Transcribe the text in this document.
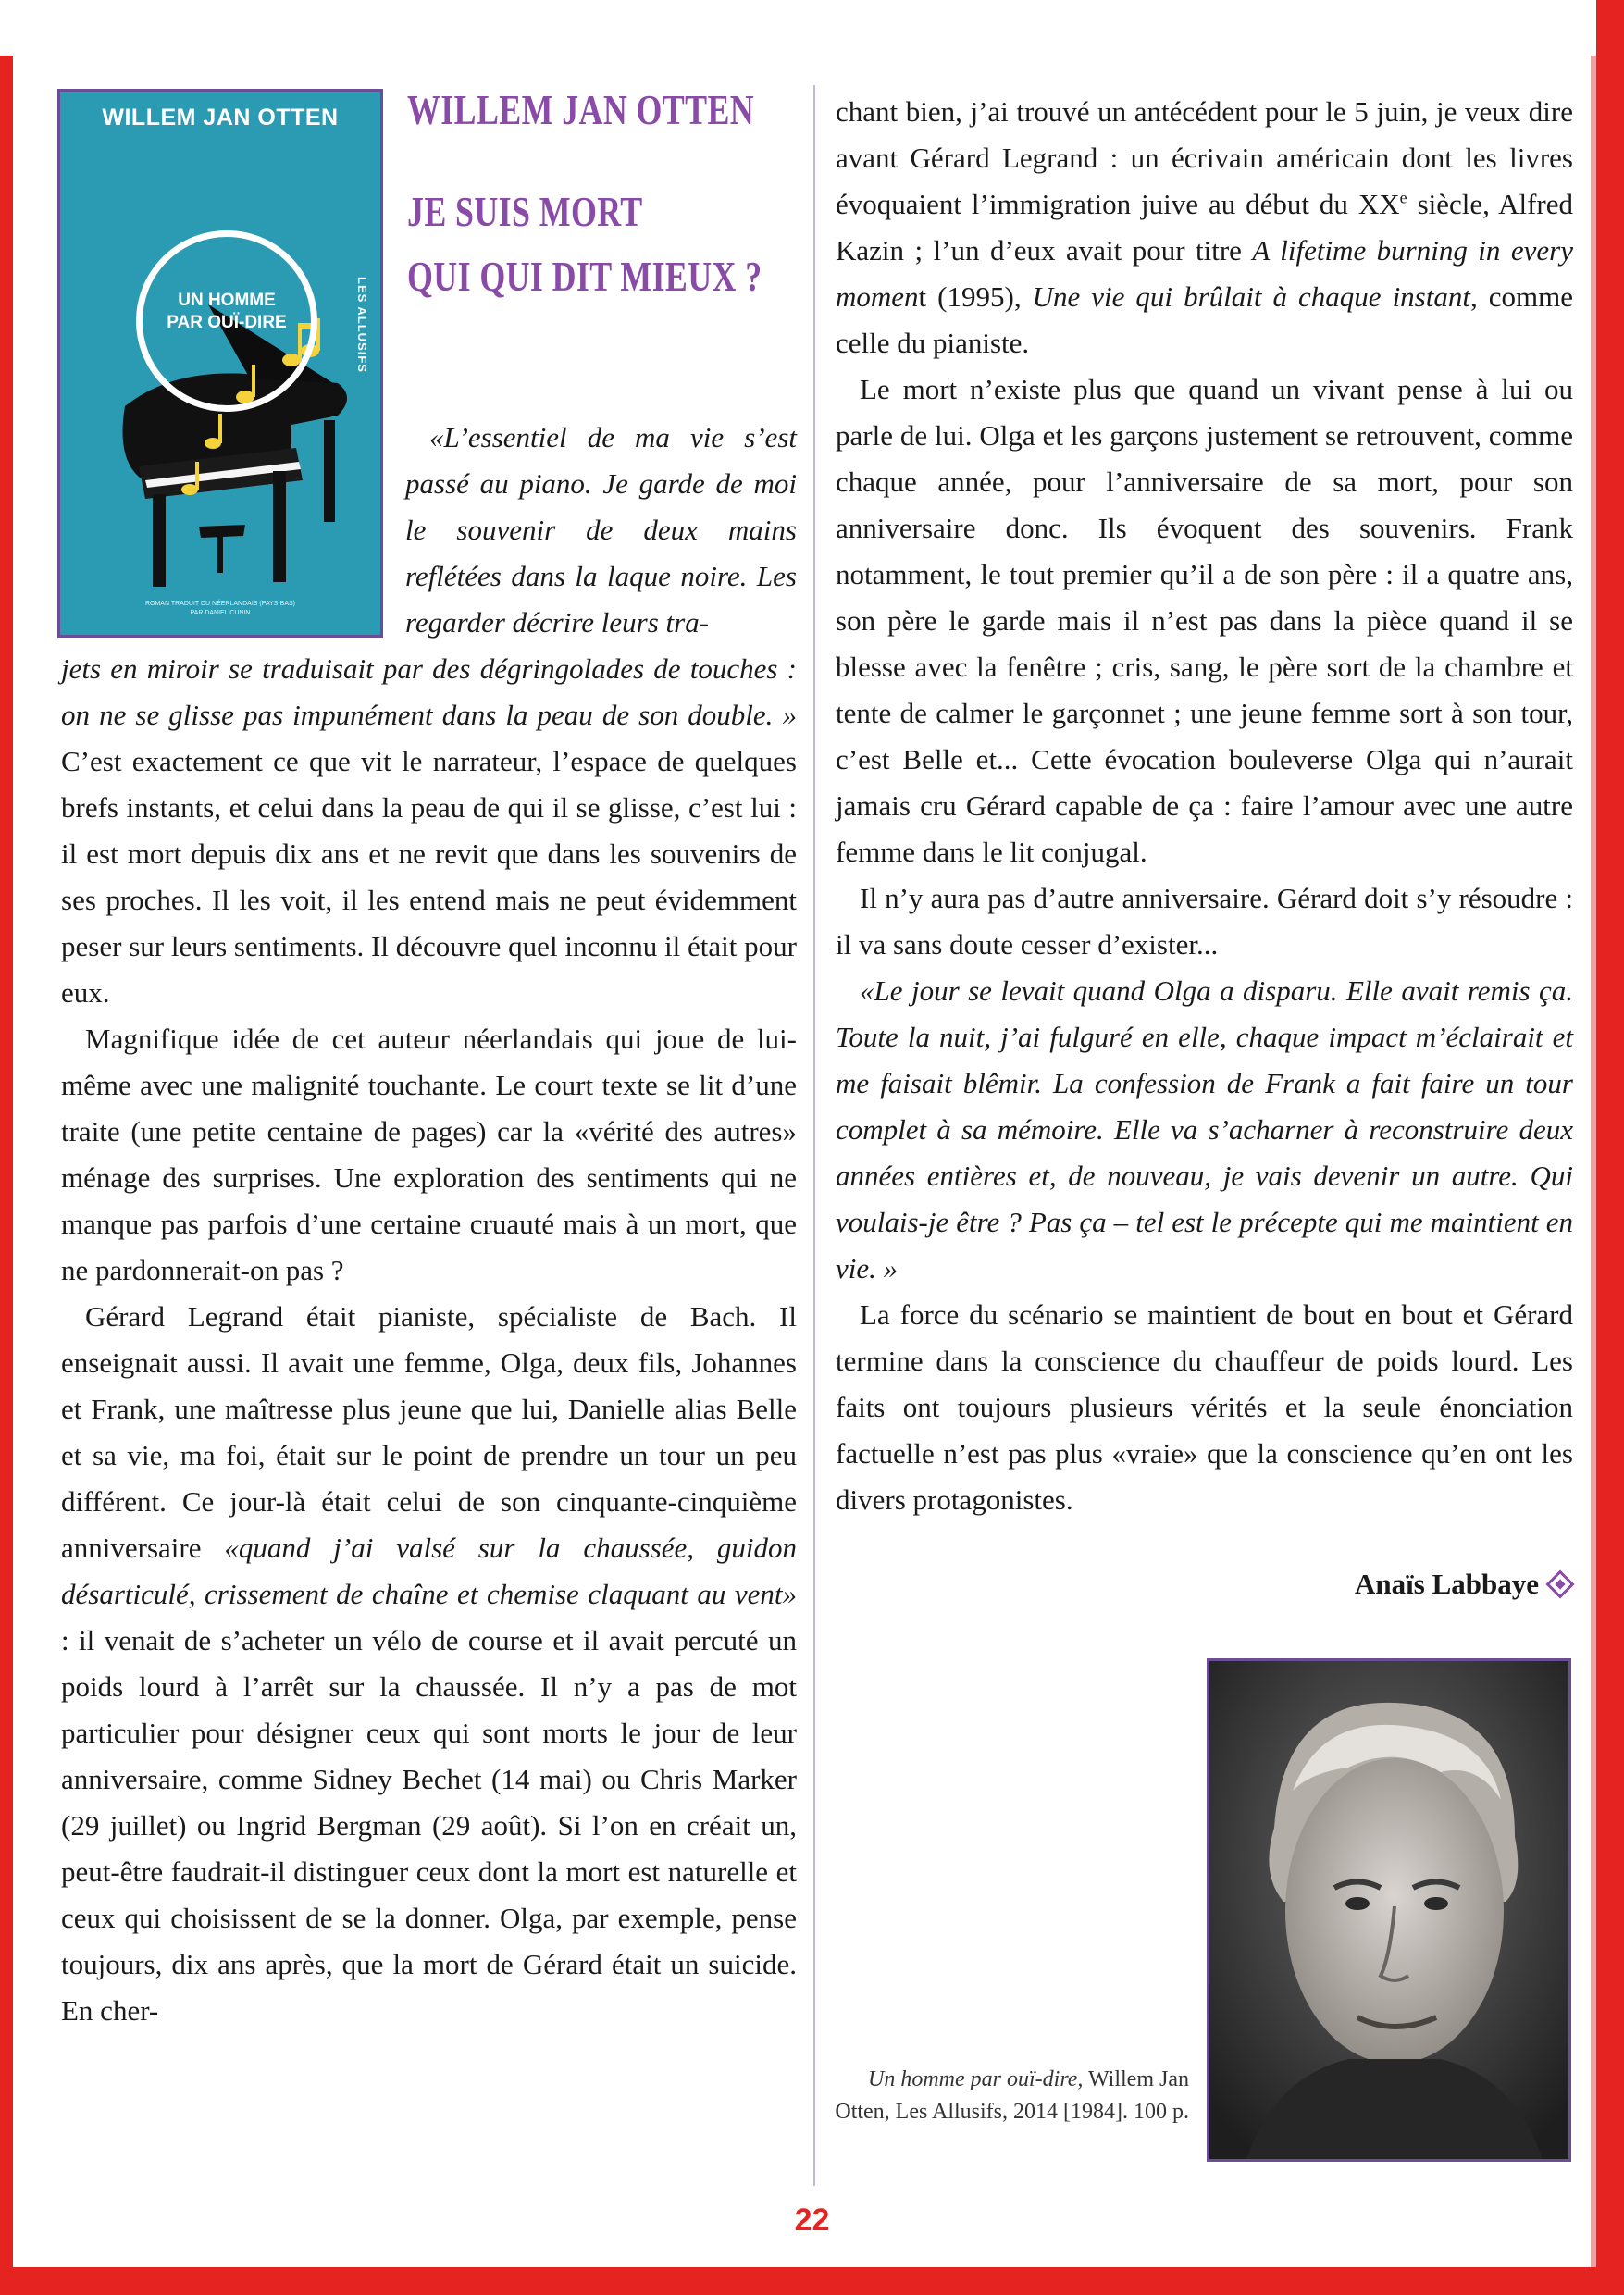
WILLEM JAN OTTEN
UN HOMME
PAR OUÏ-DIRE	LES ALLUSIFS
ROMAN TRADUIT DU NÉERLANDAIS (PAYS-BAS)
PAR DANIEL CUNIN
WILLEM JAN OTTEN
JE SUIS MORT
QUI QUI DIT MIEUX ?

«L’essentiel de ma vie s’est passé au piano. Je garde de moi le souvenir de deux mains reflétées dans la laque noire. Les regarder décrire leurs tra-

jets en miroir se traduisait par des dégringolades de touches : on ne se glisse pas impunément dans la peau de son double. » C’est exactement ce que vit le narrateur, l’espace de quelques brefs instants, et celui dans la peau de qui il se glisse, c’est lui : il est mort depuis dix ans et ne revit que dans les souvenirs de ses proches. Il les voit, il les entend mais ne peut évidemment peser sur leurs sentiments. Il découvre quel inconnu il était pour eux.

Magnifique idée de cet auteur néerlandais qui joue de lui-même avec une malignité touchante. Le court texte se lit d’une traite (une petite centaine de pages) car la «vérité des autres» ménage des surprises. Une exploration des sentiments qui ne manque pas parfois d’une certaine cruauté mais à un mort, que ne pardonnerait-on pas ?

Gérard Legrand était pianiste, spécialiste de Bach. Il enseignait aussi. Il avait une femme, Olga, deux fils, Johannes et Frank, une maîtresse plus jeune que lui, Danielle alias Belle et sa vie, ma foi, était sur le point de prendre un tour un peu différent. Ce jour-là était celui de son cinquante-cinquième anniversaire «quand j’ai valsé sur la chaussée, guidon désarticulé, crissement de chaîne et chemise claquant au vent» : il venait de s’acheter un vélo de course et il avait percuté un poids lourd à l’arrêt sur la chaussée. Il n’y a pas de mot particulier pour désigner ceux qui sont morts le jour de leur anniversaire, comme Sidney Bechet (14 mai) ou Chris Marker (29 juillet) ou Ingrid Bergman (29 août). Si l’on en créait un, peut-être faudrait-il distinguer ceux dont la mort est naturelle et ceux qui choisissent de se la donner. Olga, par exemple, pense toujours, dix ans après, que la mort de Gérard était un suicide. En cher-

chant bien, j’ai trouvé un antécédent pour le 5 juin, je veux dire avant Gérard Legrand : un écrivain américain dont les livres évoquaient l’immigration juive au début du XXe siècle, Alfred Kazin ; l’un d’eux avait pour titre A lifetime burning in every moment (1995), Une vie qui brûlait à chaque instant, comme celle du pianiste.

Le mort n’existe plus que quand un vivant pense à lui ou parle de lui. Olga et les garçons justement se retrouvent, comme chaque année, pour l’anniversaire de sa mort, pour son anniversaire donc. Ils évoquent des souvenirs. Frank notamment, le tout premier qu’il a de son père : il a quatre ans, son père le garde mais il n’est pas dans la pièce quand il se blesse avec la fenêtre ; cris, sang, le père sort de la chambre et tente de calmer le garçonnet ; une jeune femme sort à son tour, c’est Belle et... Cette évocation bouleverse Olga qui n’aurait jamais cru Gérard capable de ça : faire l’amour avec une autre femme dans le lit conjugal.

Il n’y aura pas d’autre anniversaire. Gérard doit s’y résoudre : il va sans doute cesser d’exister...

«Le jour se levait quand Olga a disparu. Elle avait remis ça. Toute la nuit, j’ai fulguré en elle, chaque impact m’éclairait et me faisait blêmir. La confession de Frank a fait faire un tour complet à sa mémoire. Elle va s’acharner à reconstruire deux années entières et, de nouveau, je vais devenir un autre. Qui voulais-je être ? Pas ça – tel est le précepte qui me maintient en vie. »

La force du scénario se maintient de bout en bout et Gérard termine dans la conscience du chauffeur de poids lourd. Les faits ont toujours plusieurs vérités et la seule énonciation factuelle n’est pas plus «vraie» que la conscience qu’en ont les divers protagonistes.

Anaïs Labbaye
Un homme par ouï-dire, Willem Jan Otten, Les Allusifs, 2014 [1984]. 100 p.
22
